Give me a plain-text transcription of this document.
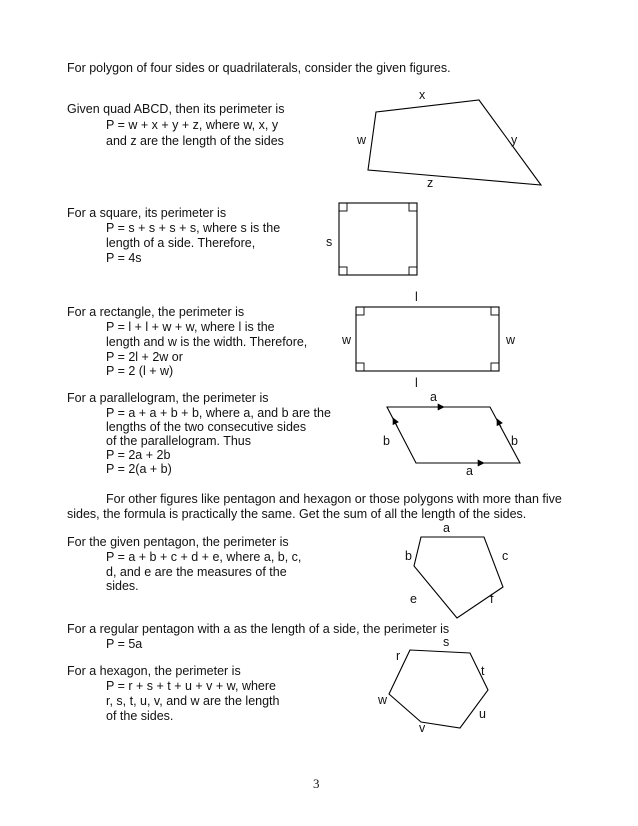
For polygon of four sides or quadrilaterals, consider the given figures.
Given quad ABCD, then its perimeter is
P = w + x + y + z, where w, x, y
and z are the length of the sides
For a square, its perimeter is
P = s + s + s + s, where s is the
length of a side. Therefore,
P = 4s
For a rectangle, the perimeter is
P = l + l + w + w, where l is the
length and w is the width. Therefore,
P = 2l + 2w or
P = 2 (l + w)
For a parallelogram, the perimeter is
P = a + a + b + b, where a, and b are the
lengths of the two consecutive sides
of the parallelogram. Thus
P = 2a + 2b
P = 2(a + b)
For other figures like pentagon and hexagon or those polygons with more than five
sides, the formula is practically the same. Get the sum of all the length of the sides.
For the given pentagon, the perimeter is
P = a + b + c + d + e, where a, b, c,
d, and e are the measures of the
sides.
For a regular pentagon with a as the length of a side, the perimeter is
P = 5a
For a hexagon, the perimeter is
P = r + s + t + u + v + w, where
r, s, t, u, v, and w are the length
of the sides.
x
w	y
z
s
l
w	w
l
a
b	b
a
a
b	c
e	f
s
r
t
w
u
v
3
